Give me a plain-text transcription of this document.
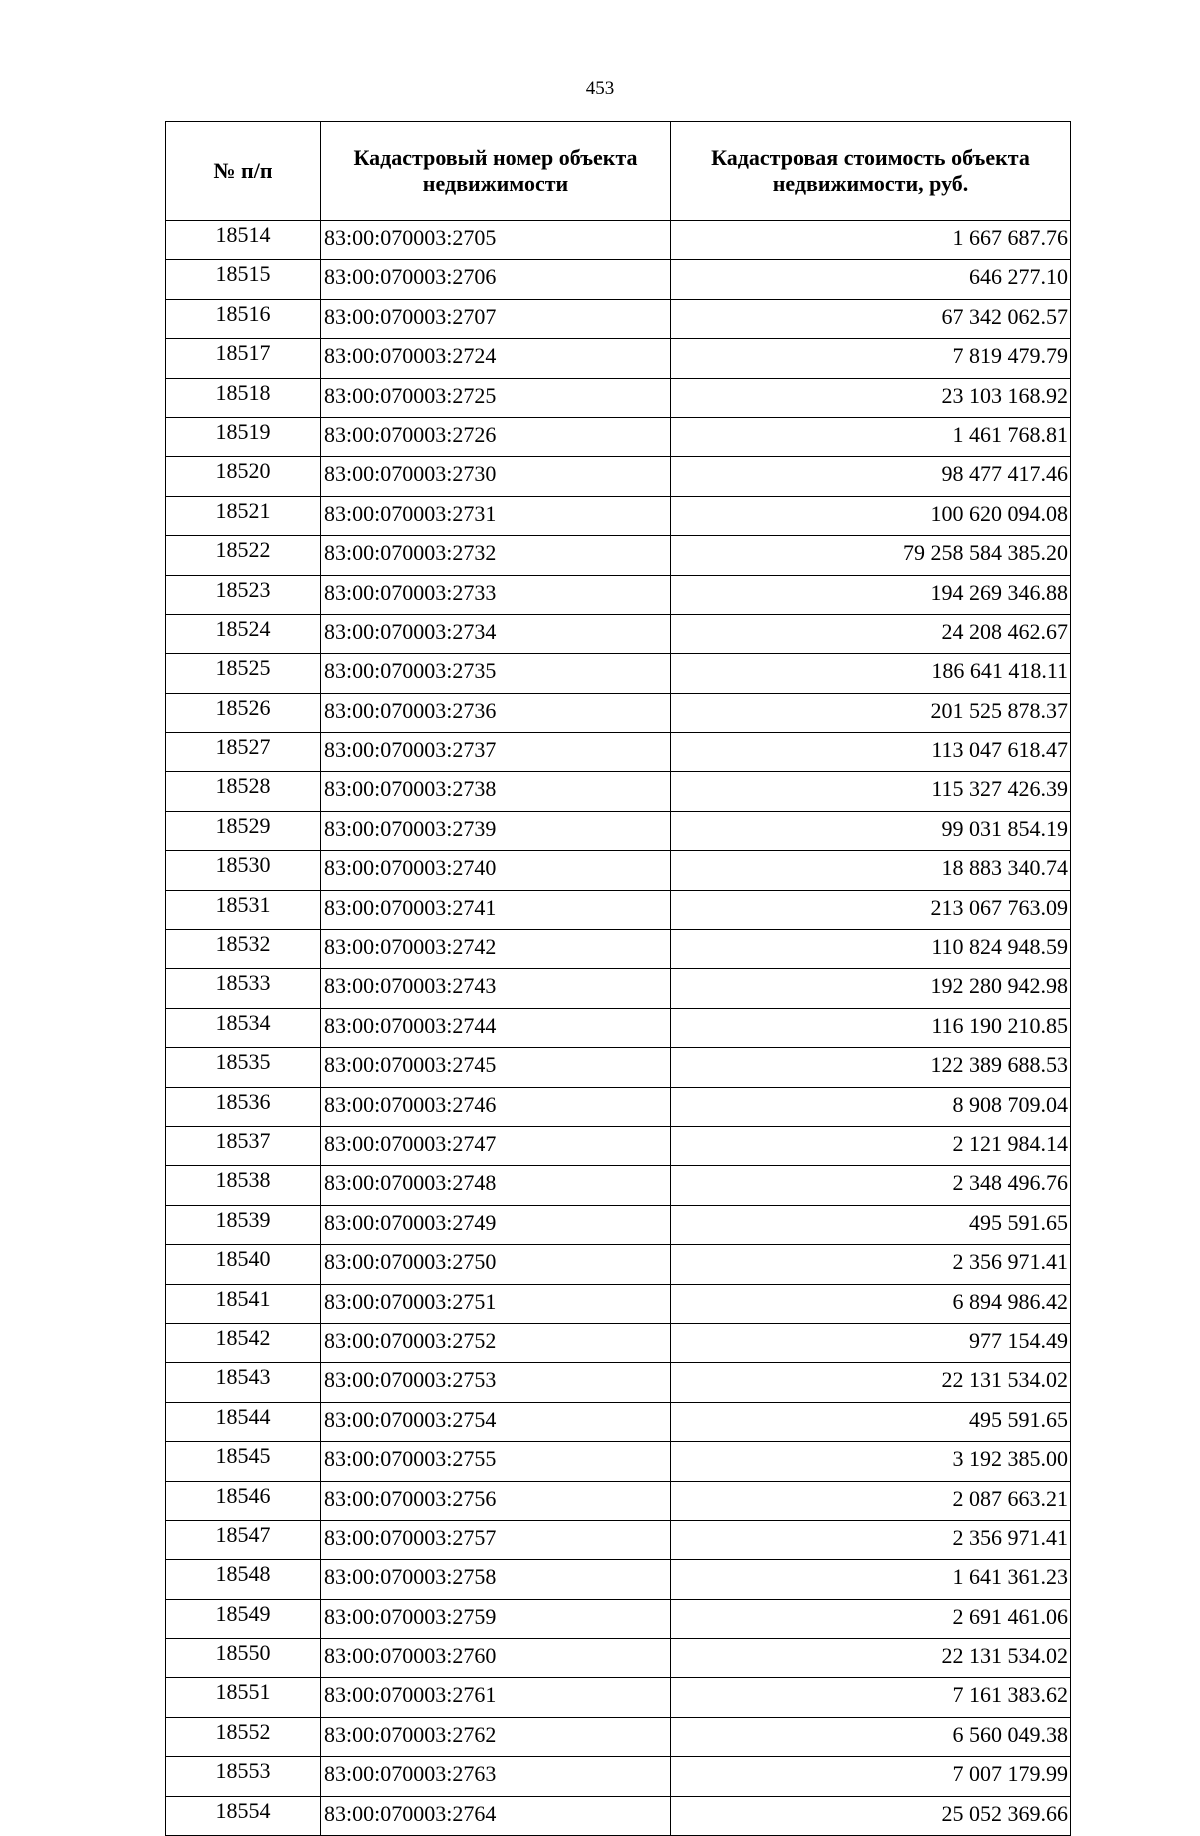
453
№ п/п	Кадастровый номер объекта недвижимости	Кадастровая стоимость объекта недвижимости, руб.
18514	83:00:070003:2705	1 667 687.76
18515	83:00:070003:2706	646 277.10
18516	83:00:070003:2707	67 342 062.57
18517	83:00:070003:2724	7 819 479.79
18518	83:00:070003:2725	23 103 168.92
18519	83:00:070003:2726	1 461 768.81
18520	83:00:070003:2730	98 477 417.46
18521	83:00:070003:2731	100 620 094.08
18522	83:00:070003:2732	79 258 584 385.20
18523	83:00:070003:2733	194 269 346.88
18524	83:00:070003:2734	24 208 462.67
18525	83:00:070003:2735	186 641 418.11
18526	83:00:070003:2736	201 525 878.37
18527	83:00:070003:2737	113 047 618.47
18528	83:00:070003:2738	115 327 426.39
18529	83:00:070003:2739	99 031 854.19
18530	83:00:070003:2740	18 883 340.74
18531	83:00:070003:2741	213 067 763.09
18532	83:00:070003:2742	110 824 948.59
18533	83:00:070003:2743	192 280 942.98
18534	83:00:070003:2744	116 190 210.85
18535	83:00:070003:2745	122 389 688.53
18536	83:00:070003:2746	8 908 709.04
18537	83:00:070003:2747	2 121 984.14
18538	83:00:070003:2748	2 348 496.76
18539	83:00:070003:2749	495 591.65
18540	83:00:070003:2750	2 356 971.41
18541	83:00:070003:2751	6 894 986.42
18542	83:00:070003:2752	977 154.49
18543	83:00:070003:2753	22 131 534.02
18544	83:00:070003:2754	495 591.65
18545	83:00:070003:2755	3 192 385.00
18546	83:00:070003:2756	2 087 663.21
18547	83:00:070003:2757	2 356 971.41
18548	83:00:070003:2758	1 641 361.23
18549	83:00:070003:2759	2 691 461.06
18550	83:00:070003:2760	22 131 534.02
18551	83:00:070003:2761	7 161 383.62
18552	83:00:070003:2762	6 560 049.38
18553	83:00:070003:2763	7 007 179.99
18554	83:00:070003:2764	25 052 369.66
